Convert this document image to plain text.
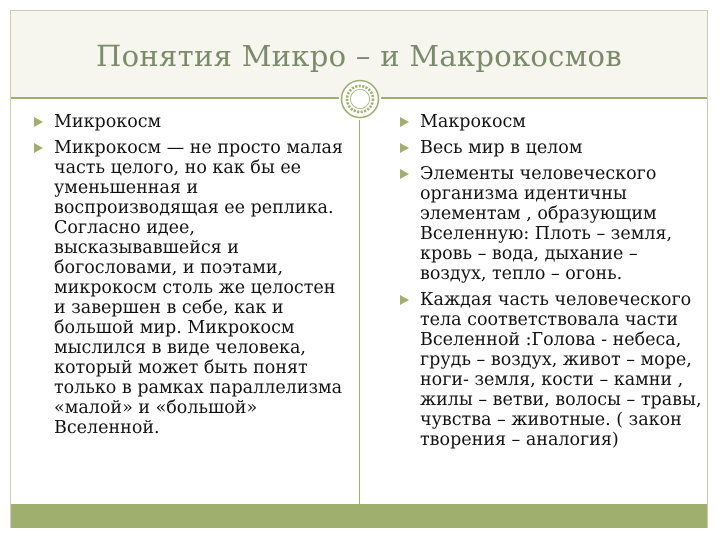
Понятия Микро – и Макрокосмов
Микрокосм
Микрокосм — не просто малая часть целого, но как бы ее уменьшенная и воспроизводящая ее реплика. Согласно идее, высказывавшейся и богословами, и поэтами, микрокосм столь же целостен и завершен в себе, как и большой мир. Микрокосм мыслился в виде человека, который может быть понят только в рамках параллелизма «малой» и «большой» Вселенной.
Макрокосм
Весь мир в целом
Элементы человеческого организма идентичны элементам , образующим Вселенную: Плоть – земля, кровь – вода, дыхание – воздух, тепло – огонь.
Каждая часть человеческого тела соответствовала части Вселенной :Голова - небеса, грудь – воздух, живот – море, ноги- земля, кости – камни , жилы – ветви, волосы – травы, чувства – животные. ( закон творения – аналогия)
